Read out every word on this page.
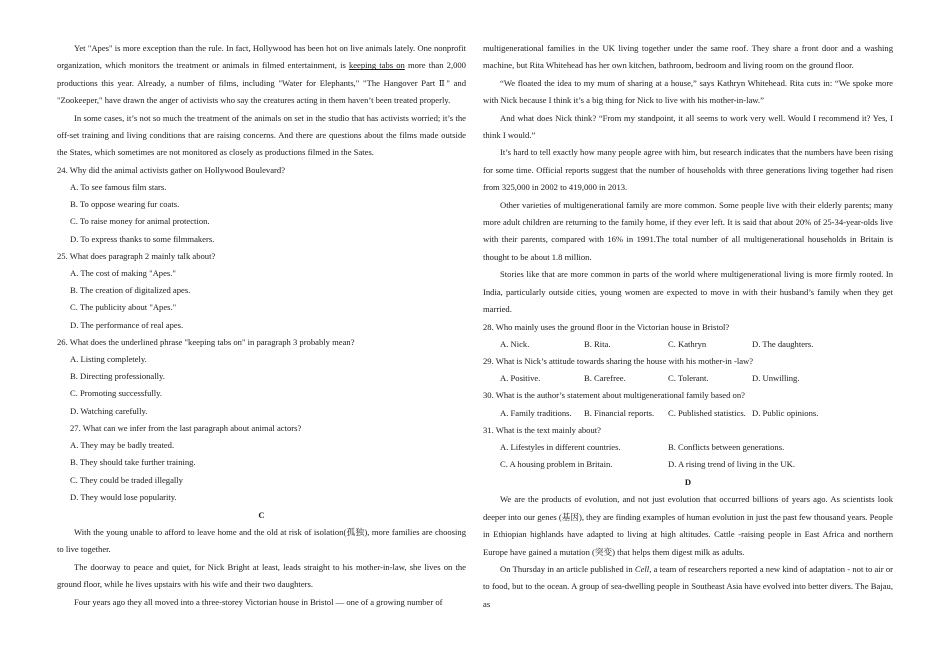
Yet "Apes" is more exception than the rule. In fact, Hollywood has been hot on live animals lately. One nonprofit organization, which monitors the treatment or animals in filmed entertainment, is keeping tabs on more than 2,000 productions this year. Already, a number of films, including "Water for Elephants," "The Hangover Part Ⅱ" and "Zookeeper," have drawn the anger of activists who say the creatures acting in them haven’t been treated properly.

In some cases, it’s not so much the treatment of the animals on set in the studio that has activists worried; it’s the off-set training and living conditions that are raising concerns. And there are questions about the films made outside the States, which sometimes are not monitored as closely as productions filmed in the Sates.

24. Why did the animal activists gather on Hollywood Boulevard?

A. To see famous film stars.

B. To oppose wearing fur coats.

C. To raise money for animal protection.

D. To express thanks to some filmmakers.

25. What does paragraph 2 mainly talk about?

A. The cost of making "Apes."

B. The creation of digitalized apes.

C. The publicity about "Apes."

D. The performance of real apes.

26. What does the underlined phrase "keeping tabs on" in paragraph 3 probably mean?

A. Listing completely.

B. Directing professionally.

C. Promoting successfully.

D. Watching carefully.

27. What can we infer from the last paragraph about animal actors?

A. They may be badly treated.

B. They should take further training.

C. They could be traded illegally

D. They would lose popularity.

C

With the young unable to afford to leave home and the old at risk of isolation(孤独), more families are choosing to live together.

The doorway to peace and quiet, for Nick Bright at least, leads straight to his mother-in-law, she lives on the ground floor, while he lives upstairs with his wife and their two daughters.

Four years ago they all moved into a three-storey Victorian house in Bristol — one of a growing number of

multigenerational families in the UK living together under the same roof. They share a front door and a washing machine, but Rita Whitehead has her own kitchen, bathroom, bedroom and living room on the ground floor.

“We floated the idea to my mum of sharing at a house,” says Kathryn Whitehead. Rita cuts in: “We spoke more with Nick because I think it’s a big thing for Nick to live with his mother-in-law.”

And what does Nick think? “From my standpoint, it all seems to work very well. Would I recommend it? Yes, I think I would.”

It’s hard to tell exactly how many people agree with him, but research indicates that the numbers have been rising for some time. Official reports suggest that the number of households with three generations living together had risen from 325,000 in 2002 to 419,000 in 2013.

Other varieties of multigenerational family are more common. Some people live with their elderly parents; many more adult children are returning to the family home, if they ever left. It is said that about 20% of 25-34-year-olds live with their parents, compared with 16% in 1991.The total number of all multigenerational households in Britain is thought to be about 1.8 million.

Stories like that are more common in parts of the world where multigenerational living is more firmly rooted. In India, particularly outside cities, young women are expected to move in with their husband’s family when they get married.

28. Who mainly uses the ground floor in the Victorian house in Bristol?

A. Nick.	B. Rita.	C. Kathryn	D. The daughters.

29. What is Nick’s attitude towards sharing the house with his mother-in -law?

A. Positive.	B. Carefree.	C. Tolerant.	D. Unwilling.

30. What is the author’s statement about multigenerational family based on?

A. Family traditions.	B. Financial reports.	C. Published statistics. D. Public opinions.

31. What is the text mainly about?

A. Lifestyles in different countries.	B. Conflicts between generations.
C. A housing problem in Britain.	D. A rising trend of living in the UK.

D

We are the products of evolution, and not just evolution that occurred billions of years ago. As scientists look deeper into our genes (基因), they are finding examples of human evolution in just the past few thousand years. People in Ethiopian highlands have adapted to living at high altitudes. Cattle -raising people in East Africa and northern Europe have gained a mutation (突变) that helps them digest milk as adults.

On Thursday in an article published in Cell, a team of researchers reported a new kind of adaptation - not to air or to food, but to the ocean. A group of sea-dwelling people in Southeast Asia have evolved into better divers. The Bajau, as
